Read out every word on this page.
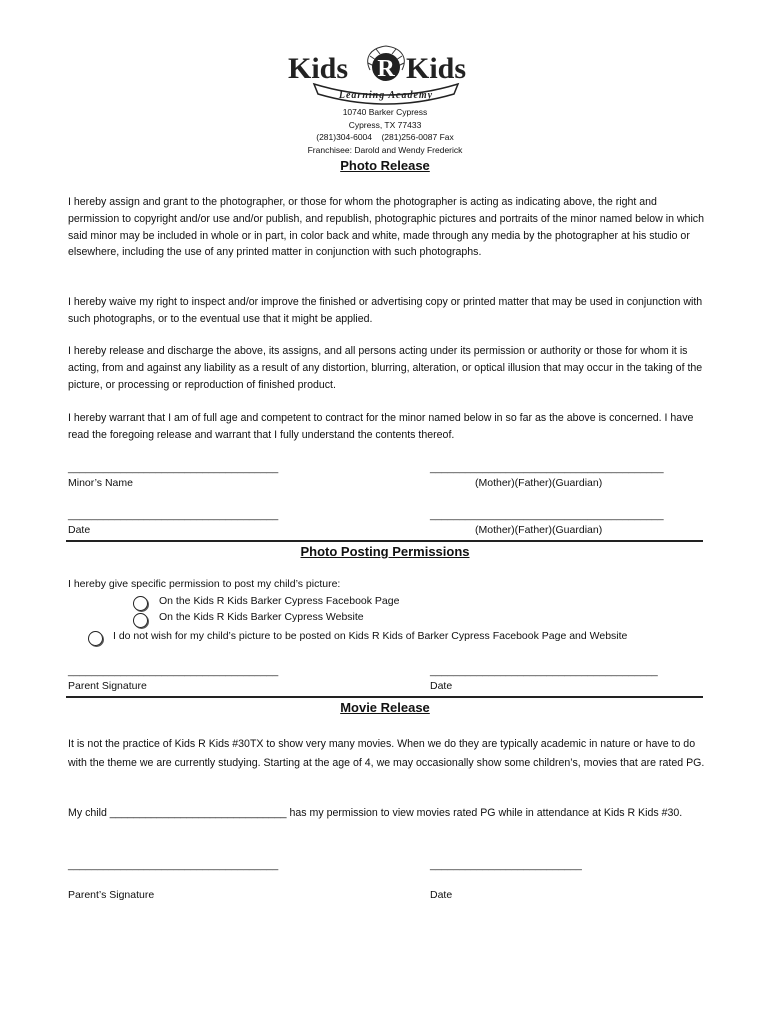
Kids R Kids
Learning Academy
10740 Barker Cypress
Cypress, TX 77433
(281)304-6004    (281)256-0087 Fax
Franchisee: Darold and Wendy Frederick
Photo Release
I hereby assign and grant to the photographer, or those for whom the photographer is acting as indicating above, the right and permission to copyright and/or use and/or publish, and republish, photographic pictures and portraits of the minor named below in which said minor may be included in whole or in part, in color back and white, made through any media by the photographer at his studio or elsewhere, including the use of any printed matter in conjunction with such photographs.
I hereby waive my right to inspect and/or improve the finished or advertising copy or printed matter that may be used in conjunction with such photographs, or to the eventual use that it might be applied.
I hereby release and discharge the above, its assigns, and all persons acting under its permission or authority or those for whom it is acting, from and against any liability as a result of any distortion, blurring, alteration, or optical illusion that may occur in the taking of the picture, or processing or reproduction of finished product.
I hereby warrant that I am of full age and competent to contract for the minor named below in so far as the above is concerned. I have read the foregoing release and warrant that I fully understand the contents thereof.
____________________________________
Minor’s Name
________________________________________
(Mother)(Father)(Guardian)
____________________________________
Date
________________________________________
(Mother)(Father)(Guardian)
Photo Posting Permissions
I hereby give specific permission to post my child’s picture:
On the Kids R Kids Barker Cypress Facebook Page
On the Kids R Kids Barker Cypress Website
I do not wish for my child’s picture to be posted on Kids R Kids of Barker Cypress Facebook Page and Website
____________________________________
Parent Signature
_______________________________________
Date
Movie Release
It is not the practice of Kids R Kids #30TX to show very many movies. When we do they are typically academic in nature or have to do with the theme we are currently studying. Starting at the age of 4, we may occasionally show some children’s, movies that are rated PG.
My child ______________________________ has my permission to view movies rated PG while in attendance at Kids R Kids #30.
____________________________________
Parent’s Signature
__________________________
Date
